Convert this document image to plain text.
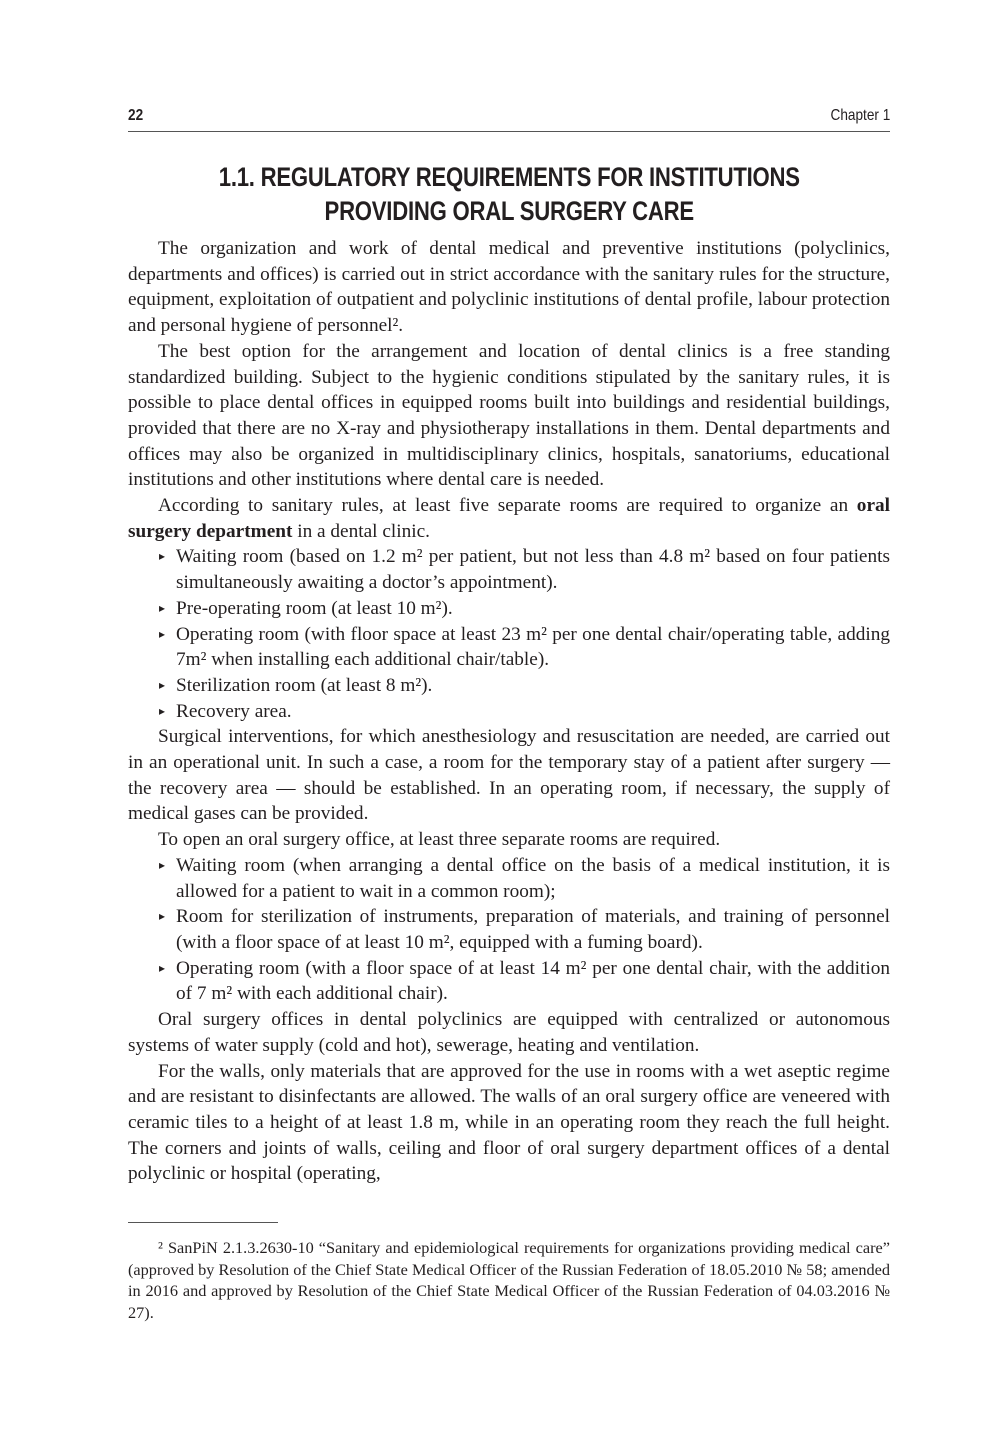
22	Chapter 1
1.1. REGULATORY REQUIREMENTS FOR INSTITUTIONS
PROVIDING ORAL SURGERY CARE

The organization and work of dental medical and preventive institutions (polyclinics, departments and offices) is carried out in strict accordance with the sanitary rules for the structure, equipment, exploitation of outpatient and polyclinic institutions of dental profile, labour protection and personal hygiene of personnel².

The best option for the arrangement and location of dental clinics is a free standing standardized building. Subject to the hygienic conditions stipulated by the sanitary rules, it is possible to place dental offices in equipped rooms built into buildings and residential buildings, provided that there are no X-ray and physiotherapy installations in them. Dental departments and offices may also be organized in multidisciplinary clinics, hospitals, sanatoriums, educational institutions and other institutions where dental care is needed.

According to sanitary rules, at least five separate rooms are required to organize an oral surgery department in a dental clinic.

▸ Waiting room (based on 1.2 m² per patient, but not less than 4.8 m² based on four patients simultaneously awaiting a doctor’s appointment).
▸ Pre-operating room (at least 10 m²).
▸ Operating room (with floor space at least 23 m² per one dental chair/operating table, adding 7m² when installing each additional chair/table).
▸ Sterilization room (at least 8 m²).
▸ Recovery area.

Surgical interventions, for which anesthesiology and resuscitation are needed, are carried out in an operational unit. In such a case, a room for the temporary stay of a patient after surgery — the recovery area — should be established. In an operating room, if necessary, the supply of medical gases can be provided.

To open an oral surgery office, at least three separate rooms are required.

▸ Waiting room (when arranging a dental office on the basis of a medical institution, it is allowed for a patient to wait in a common room);
▸ Room for sterilization of instruments, preparation of materials, and training of personnel (with a floor space of at least 10 m², equipped with a fuming board).
▸ Operating room (with a floor space of at least 14 m² per one dental chair, with the addition of 7 m² with each additional chair).

Oral surgery offices in dental polyclinics are equipped with centralized or autonomous systems of water supply (cold and hot), sewerage, heating and ventilation.

For the walls, only materials that are approved for the use in rooms with a wet aseptic regime and are resistant to disinfectants are allowed. The walls of an oral surgery office are veneered with ceramic tiles to a height of at least 1.8 m, while in an operating room they reach the full height. The corners and joints of walls, ceiling and floor of oral surgery department offices of a dental polyclinic or hospital (operating,

² SanPiN 2.1.3.2630-10 “Sanitary and epidemiological requirements for organizations providing medical care” (approved by Resolution of the Chief State Medical Officer of the Russian Federation of 18.05.2010 № 58; amended in 2016 and approved by Resolution of the Chief State Medical Officer of the Russian Federation of 04.03.2016 № 27).
